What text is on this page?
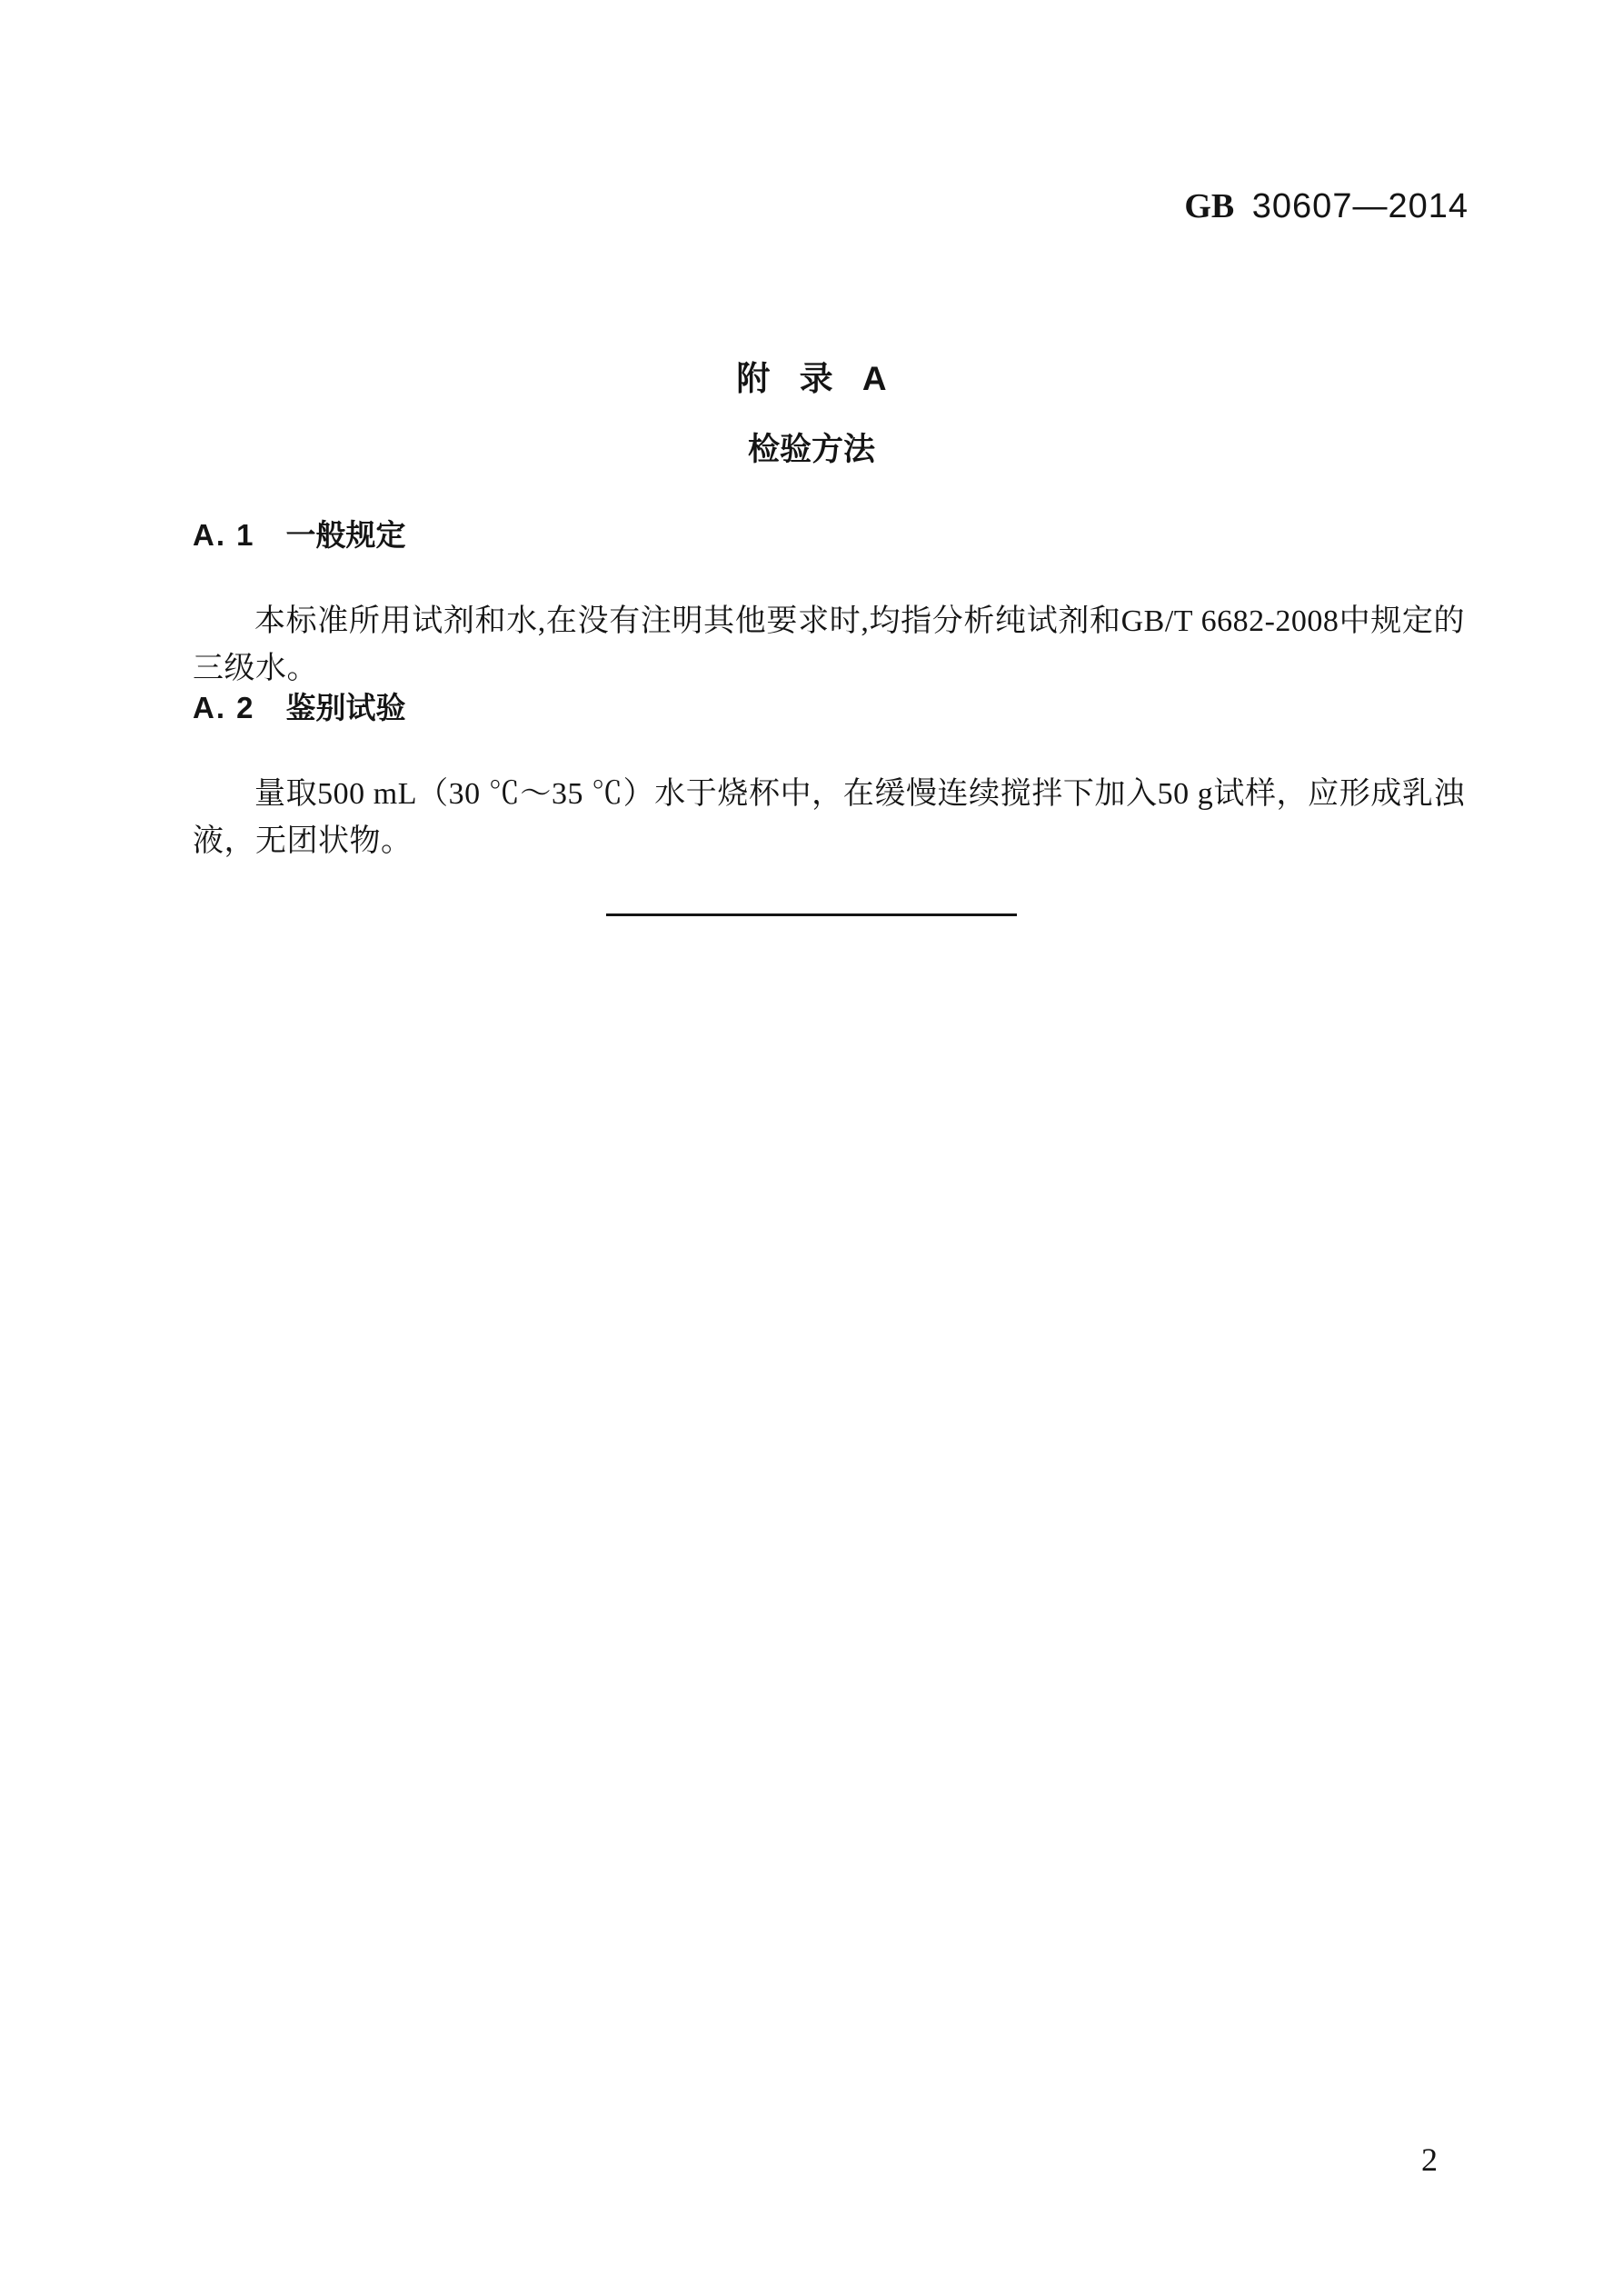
GB 30607—2014
附 录 A
检验方法
A. 1 一般规定

本标准所用试剂和水,在没有注明其他要求时,均指分析纯试剂和GB/T 6682-2008中规定的三级水。

A. 2 鉴别试验

量取500 mL（30 ℃～35 ℃）水于烧杯中，在缓慢连续搅拌下加入50 g试样，应形成乳浊液，无团状物。

2
